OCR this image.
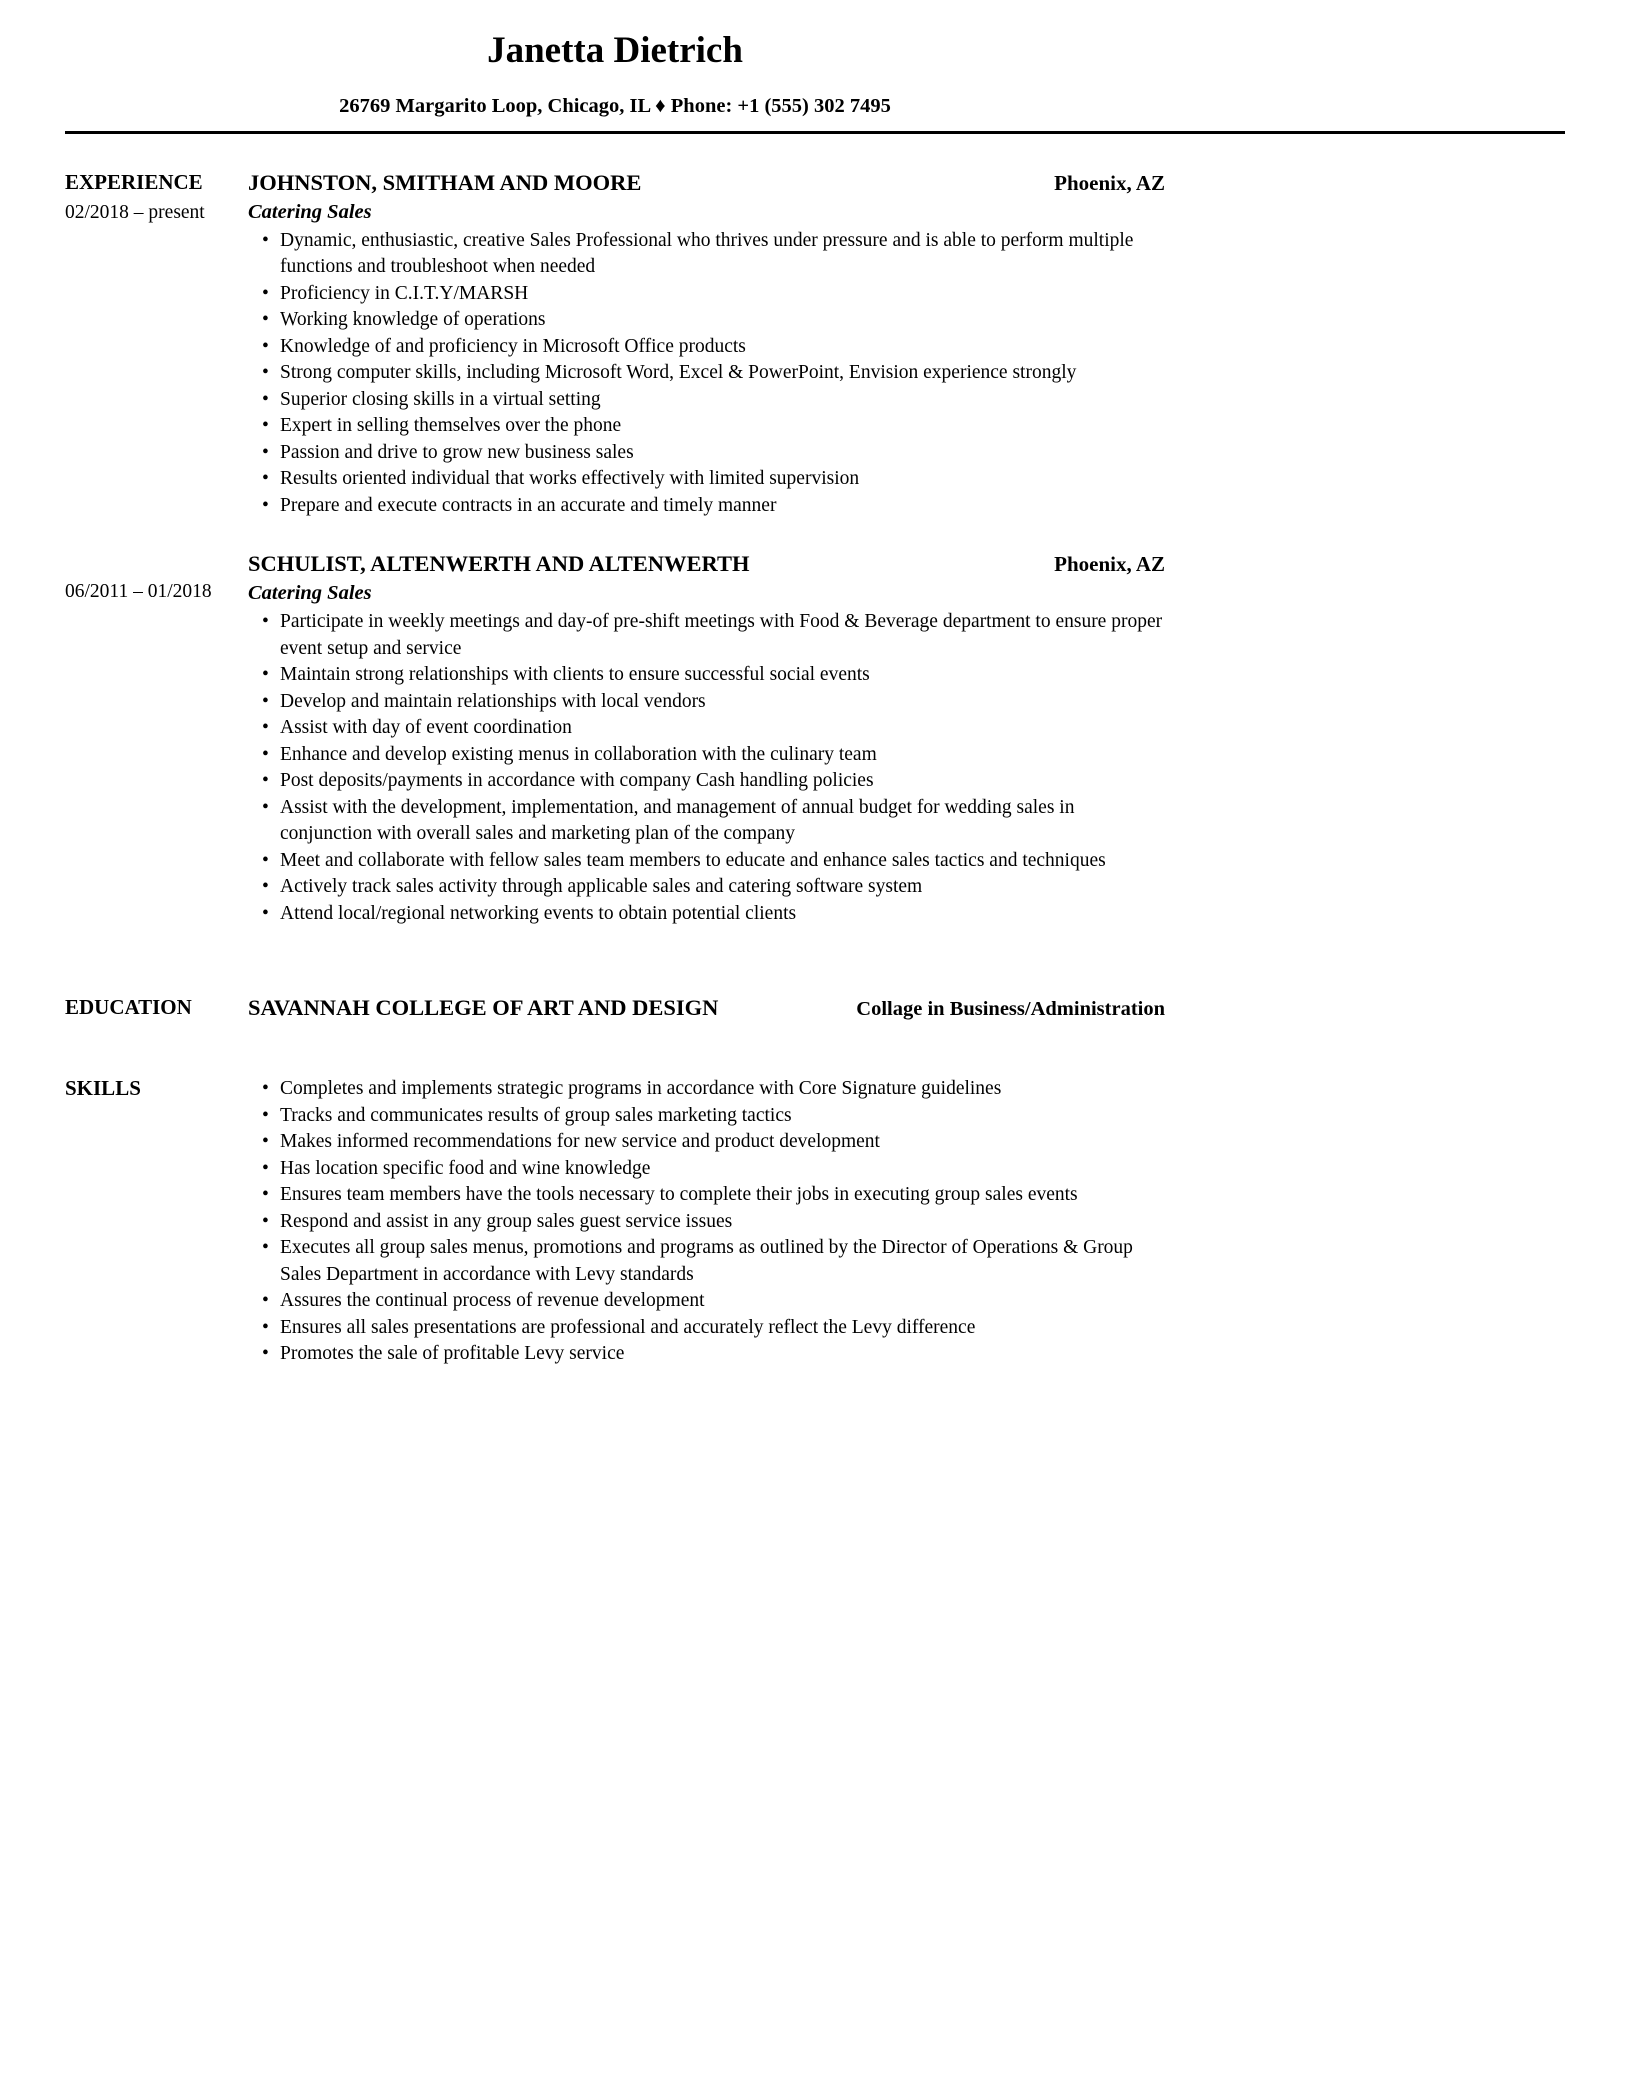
Janetta Dietrich
26769 Margarito Loop, Chicago, IL ♦ Phone: +1 (555) 302 7495
EXPERIENCE
02/2018 – present
JOHNSTON, SMITHAM AND MOORE	Phoenix, AZ
Catering Sales
• Dynamic, enthusiastic, creative Sales Professional who thrives under pressure and is able to perform multiple functions and troubleshoot when needed
• Proficiency in C.I.T.Y/MARSH
• Working knowledge of operations
• Knowledge of and proficiency in Microsoft Office products
• Strong computer skills, including Microsoft Word, Excel & PowerPoint, Envision experience strongly
• Superior closing skills in a virtual setting
• Expert in selling themselves over the phone
• Passion and drive to grow new business sales
• Results oriented individual that works effectively with limited supervision
• Prepare and execute contracts in an accurate and timely manner
06/2011 – 01/2018
SCHULIST, ALTENWERTH AND ALTENWERTH	Phoenix, AZ
Catering Sales
• Participate in weekly meetings and day-of pre-shift meetings with Food & Beverage department to ensure proper event setup and service
• Maintain strong relationships with clients to ensure successful social events
• Develop and maintain relationships with local vendors
• Assist with day of event coordination
• Enhance and develop existing menus in collaboration with the culinary team
• Post deposits/payments in accordance with company Cash handling policies
• Assist with the development, implementation, and management of annual budget for wedding sales in conjunction with overall sales and marketing plan of the company
• Meet and collaborate with fellow sales team members to educate and enhance sales tactics and techniques
• Actively track sales activity through applicable sales and catering software system
• Attend local/regional networking events to obtain potential clients
EDUCATION	SAVANNAH COLLEGE OF ART AND DESIGN	Collage in Business/Administration
SKILLS	• Completes and implements strategic programs in accordance with Core Signature guidelines
• Tracks and communicates results of group sales marketing tactics
• Makes informed recommendations for new service and product development
• Has location specific food and wine knowledge
• Ensures team members have the tools necessary to complete their jobs in executing group sales events
• Respond and assist in any group sales guest service issues
• Executes all group sales menus, promotions and programs as outlined by the Director of Operations & Group Sales Department in accordance with Levy standards
• Assures the continual process of revenue development
• Ensures all sales presentations are professional and accurately reflect the Levy difference
• Promotes the sale of profitable Levy service
